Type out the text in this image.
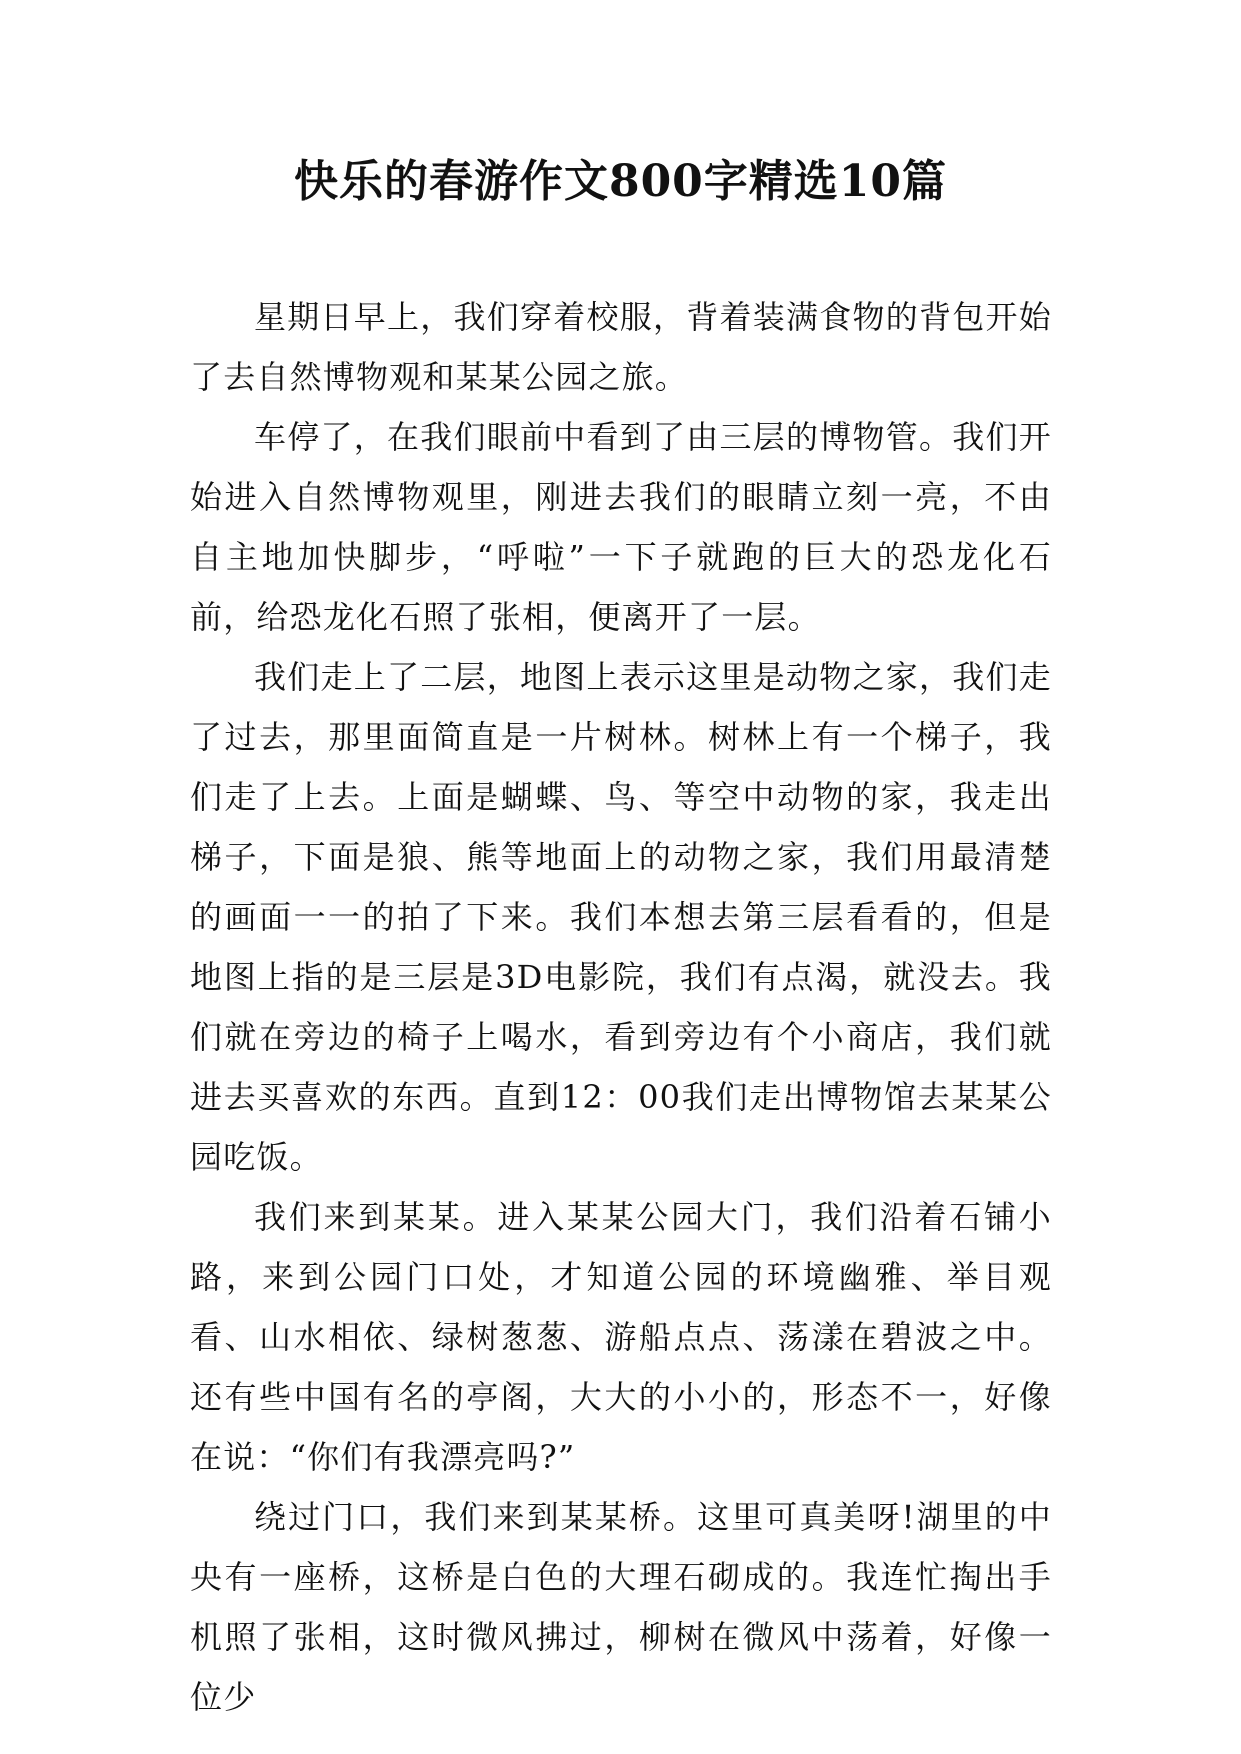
快乐的春游作文800字精选10篇

星期日早上，我们穿着校服，背着装满食物的背包开始了去自然博物观和某某公园之旅。

车停了，在我们眼前中看到了由三层的博物管。我们开始进入自然博物观里，刚进去我们的眼睛立刻一亮，不由自主地加快脚步，“呼啦”一下子就跑的巨大的恐龙化石前，给恐龙化石照了张相，便离开了一层。

我们走上了二层，地图上表示这里是动物之家，我们走了过去，那里面简直是一片树林。树林上有一个梯子，我们走了上去。上面是蝴蝶、鸟、等空中动物的家，我走出梯子，下面是狼、熊等地面上的动物之家，我们用最清楚的画面一一的拍了下来。我们本想去第三层看看的，但是地图上指的是三层是3D电影院，我们有点渴，就没去。我们就在旁边的椅子上喝水，看到旁边有个小商店，我们就进去买喜欢的东西。直到12：00我们走出博物馆去某某公园吃饭。

我们来到某某。进入某某公园大门，我们沿着石铺小路，来到公园门口处，才知道公园的环境幽雅、举目观看、山水相依、绿树葱葱、游船点点、荡漾在碧波之中。还有些中国有名的亭阁，大大的小小的，形态不一，好像在说：“你们有我漂亮吗?”

绕过门口，我们来到某某桥。这里可真美呀!湖里的中央有一座桥，这桥是白色的大理石砌成的。我连忙掏出手机照了张相，这时微风拂过，柳树在微风中荡着，好像一位少
